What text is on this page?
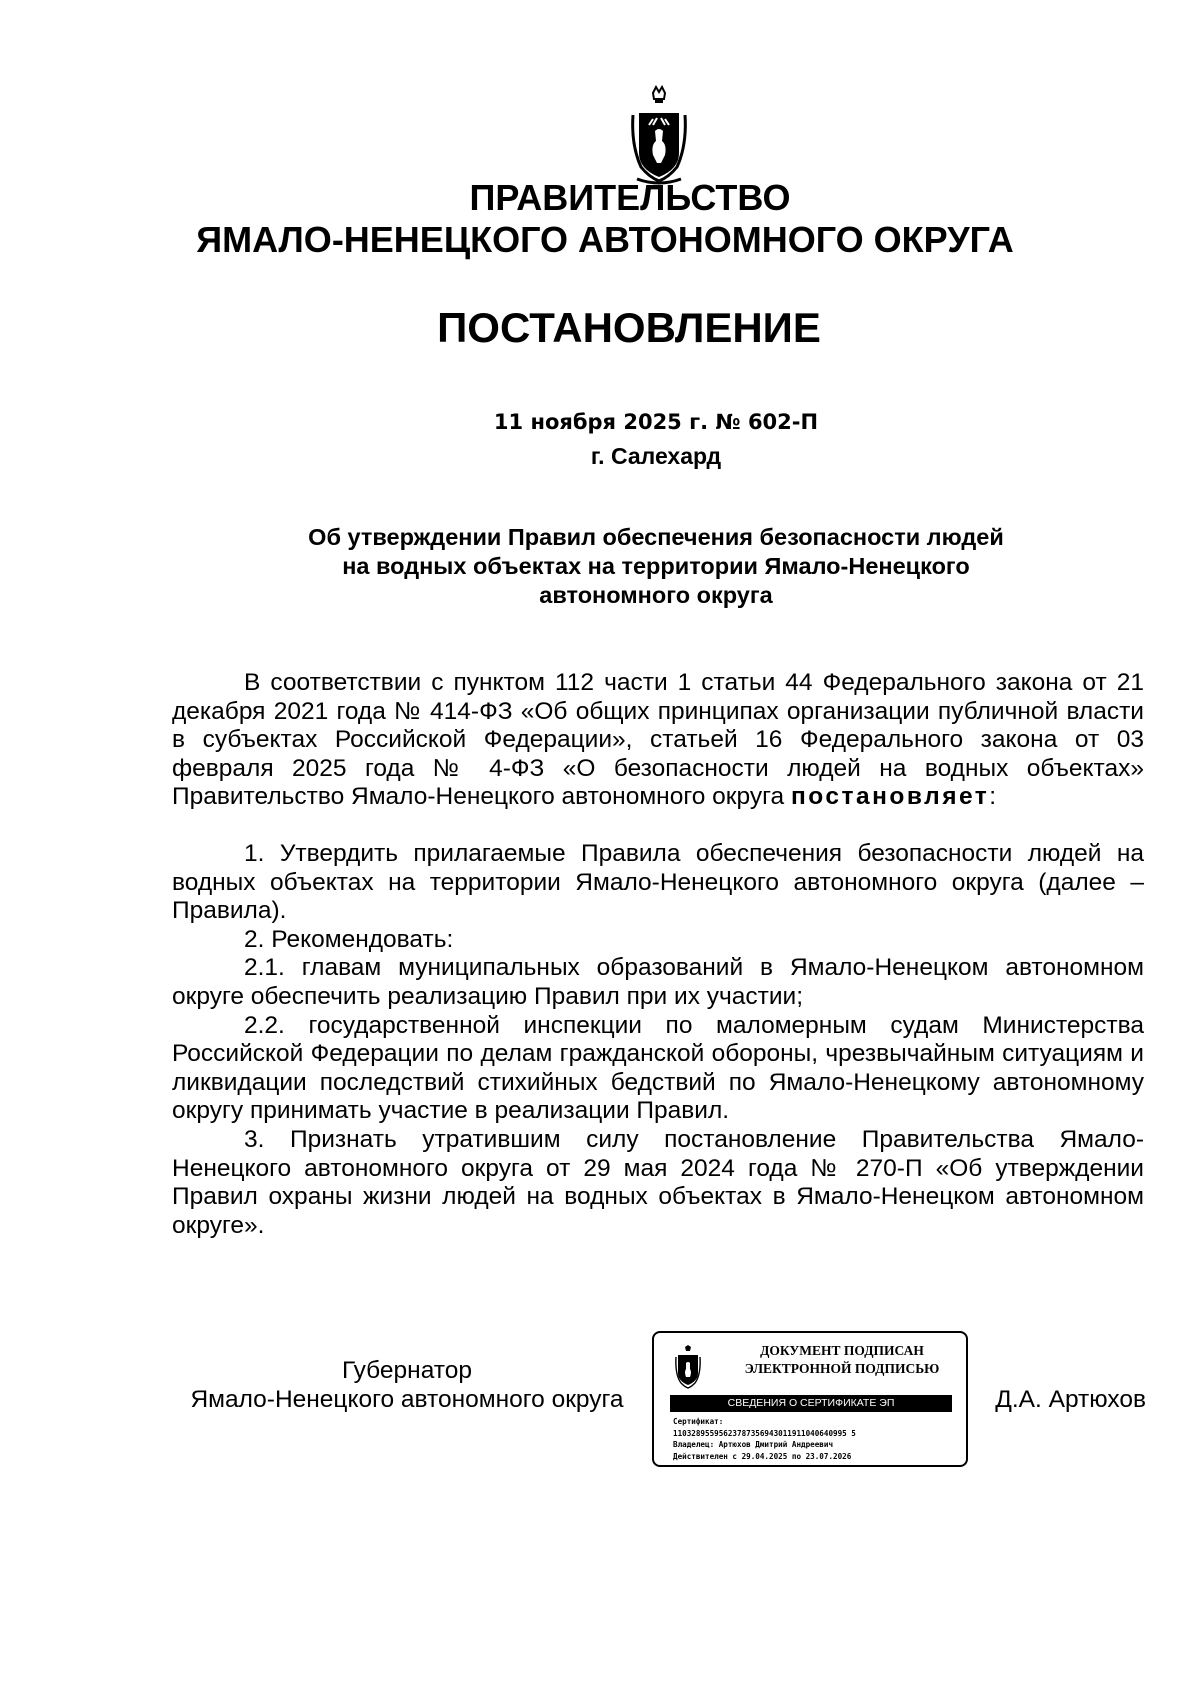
ПРАВИТЕЛЬСТВО
ЯМАЛО-НЕНЕЦКОГО АВТОНОМНОГО ОКРУГА
ПОСТАНОВЛЕНИЕ
11 ноября 2025 г. № 602-П
г. Салехард
Об утверждении Правил обеспечения безопасности людей
на водных объектах на территории Ямало-Ненецкого
автономного округа

В соответствии с пунктом 112 части 1 статьи 44 Федерального закона от 21 декабря 2021 года № 414-ФЗ «Об общих принципах организации публичной власти в субъектах Российской Федерации», статьей 16 Федерального закона от 03 февраля 2025 года № 4-ФЗ «О безопасности людей на водных объектах» Правительство Ямало-Ненецкого автономного округа постановляет:

1. Утвердить прилагаемые Правила обеспечения безопасности людей на водных объектах на территории Ямало-Ненецкого автономного округа (далее – Правила).

2. Рекомендовать:

2.1. главам муниципальных образований в Ямало-Ненецком автономном округе обеспечить реализацию Правил при их участии;

2.2. государственной инспекции по маломерным судам Министерства Российской Федерации по делам гражданской обороны, чрезвычайным ситуациям и ликвидации последствий стихийных бедствий по Ямало-Ненецкому автономному округу принимать участие в реализации Правил.

3. Признать утратившим силу постановление Правительства Ямало-Ненецкого автономного округа от 29 мая 2024 года № 270-П «Об утверждении Правил охраны жизни людей на водных объектах в Ямало-Ненецком автономном округе».

Губернатор
Ямало-Ненецкого автономного округа
ДОКУМЕНТ ПОДПИСАН
ЭЛЕКТРОННОЙ ПОДПИСЬЮ
СВЕДЕНИЯ О СЕРТИФИКАТЕ ЭП
Сертификат:
11032895595623787356943011911040640995 5
Владелец: Артюхов Дмитрий Андреевич
Действителен с 29.04.2025 по 23.07.2026
Д.А. Артюхов
